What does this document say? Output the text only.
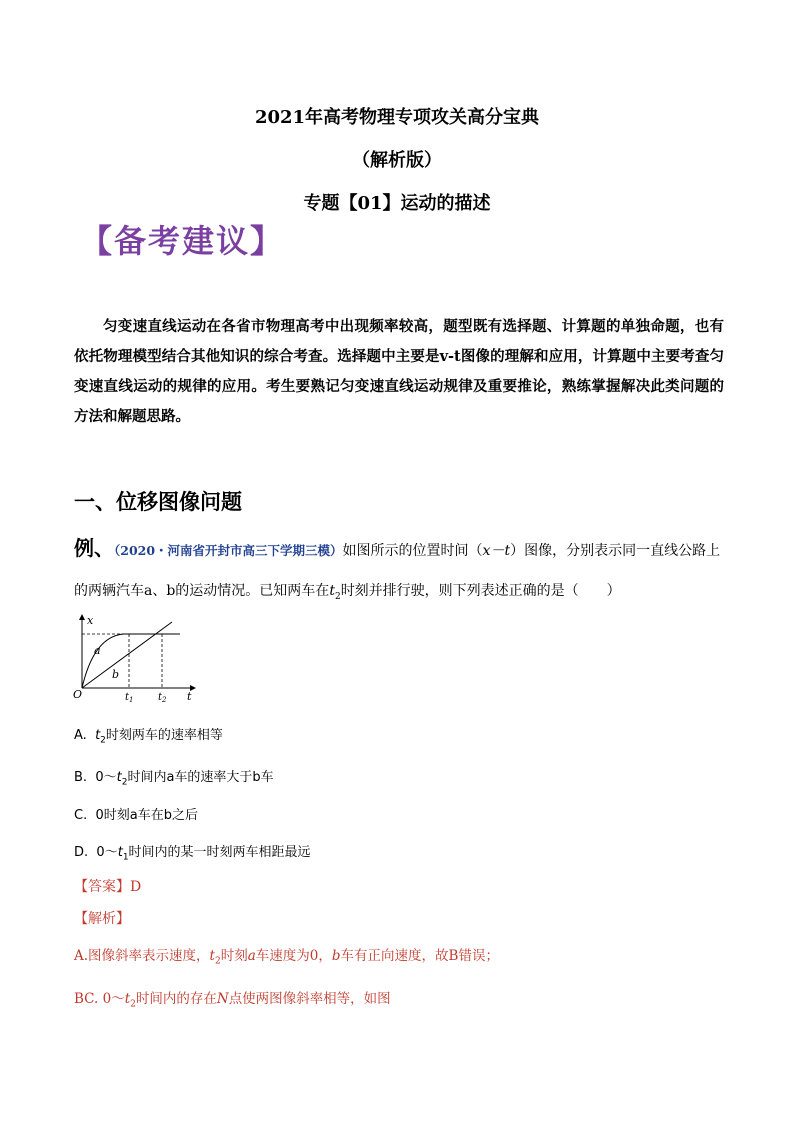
2021年高考物理专项攻关高分宝典
（解析版）
专题【01】运动的描述
【备考建议】
匀变速直线运动在各省市物理高考中出现频率较高，题型既有选择题、计算题的单独命题，也有依托物理模型结合其他知识的综合考查。选择题中主要是v-t图像的理解和应用，计算题中主要考查匀变速直线运动的规律的应用。考生要熟记匀变速直线运动规律及重要推论，熟练掌握解决此类问题的方法和解题思路。
一、位移图像问题
例、（2020・河南省开封市高三下学期三模）如图所示的位置时间（x－t）图像，分别表示同一直线公路上的两辆汽车a、b的运动情况。已知两车在$t_2$时刻并排行驶，则下列表述正确的是（　　）
x
t
O
a
b
$t_1$ $t_2$
A. $t_2$时刻两车的速率相等
B. $0\sim t_2$时间内a车的速率大于b车
C. 0时刻a车在b之后
D. $0\sim t_1$时间内的某一时刻两车相距最远
【答案】D
【解析】
A.图像斜率表示速度，$t_2$时刻a车速度为0，b车有正向速度，故B错误；
BC. $0\sim t_2$时间内的存在N点使两图像斜率相等，如图
